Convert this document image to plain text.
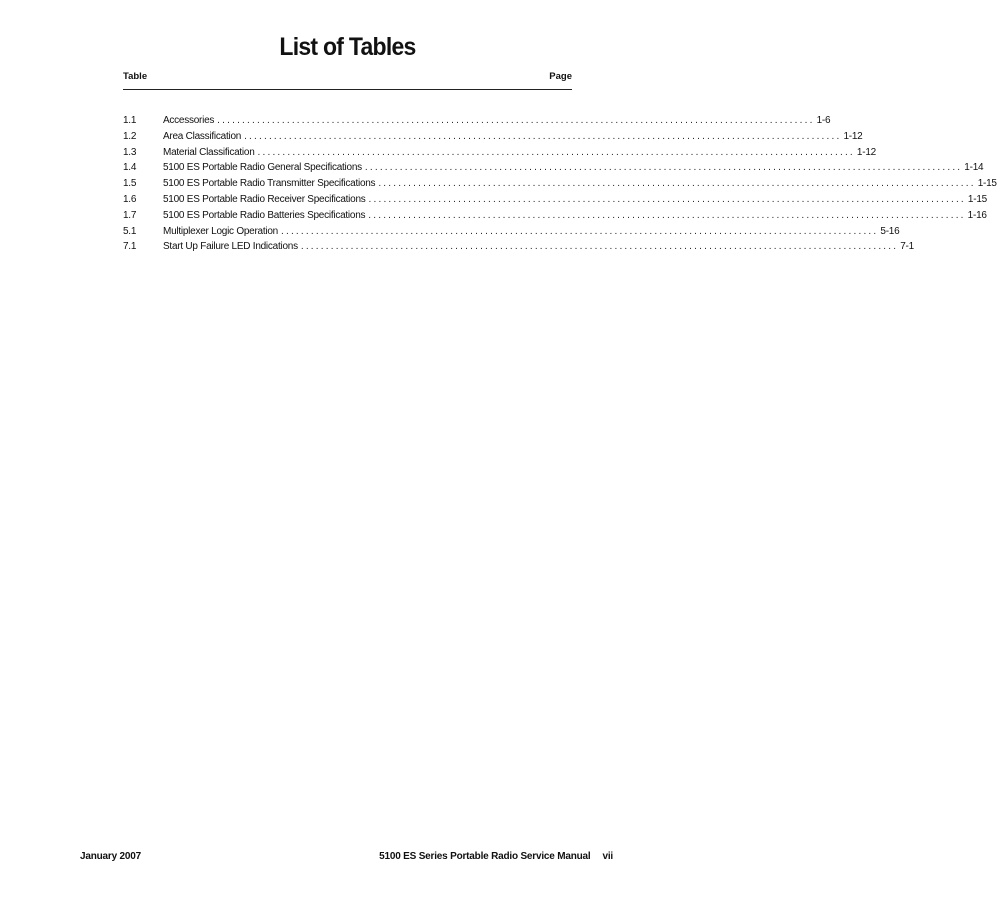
List of Tables
Table	Page
1.1	Accessories ........................................................................................................................ 1-6
1.2	Area Classification ........................................................................................................................ 1-12
1.3	Material Classification ........................................................................................................................ 1-12
1.4	5100 ES Portable Radio General Specifications ........................................................................................................................ 1-14
1.5	5100 ES Portable Radio Transmitter Specifications ........................................................................................................................ 1-15
1.6	5100 ES Portable Radio Receiver Specifications ........................................................................................................................ 1-15
1.7	5100 ES Portable Radio Batteries Specifications ........................................................................................................................ 1-16
5.1	Multiplexer Logic Operation ........................................................................................................................ 5-16
7.1	Start Up Failure LED Indications ........................................................................................................................ 7-1
January 2007	5100 ES Series Portable Radio Service Manual vii
